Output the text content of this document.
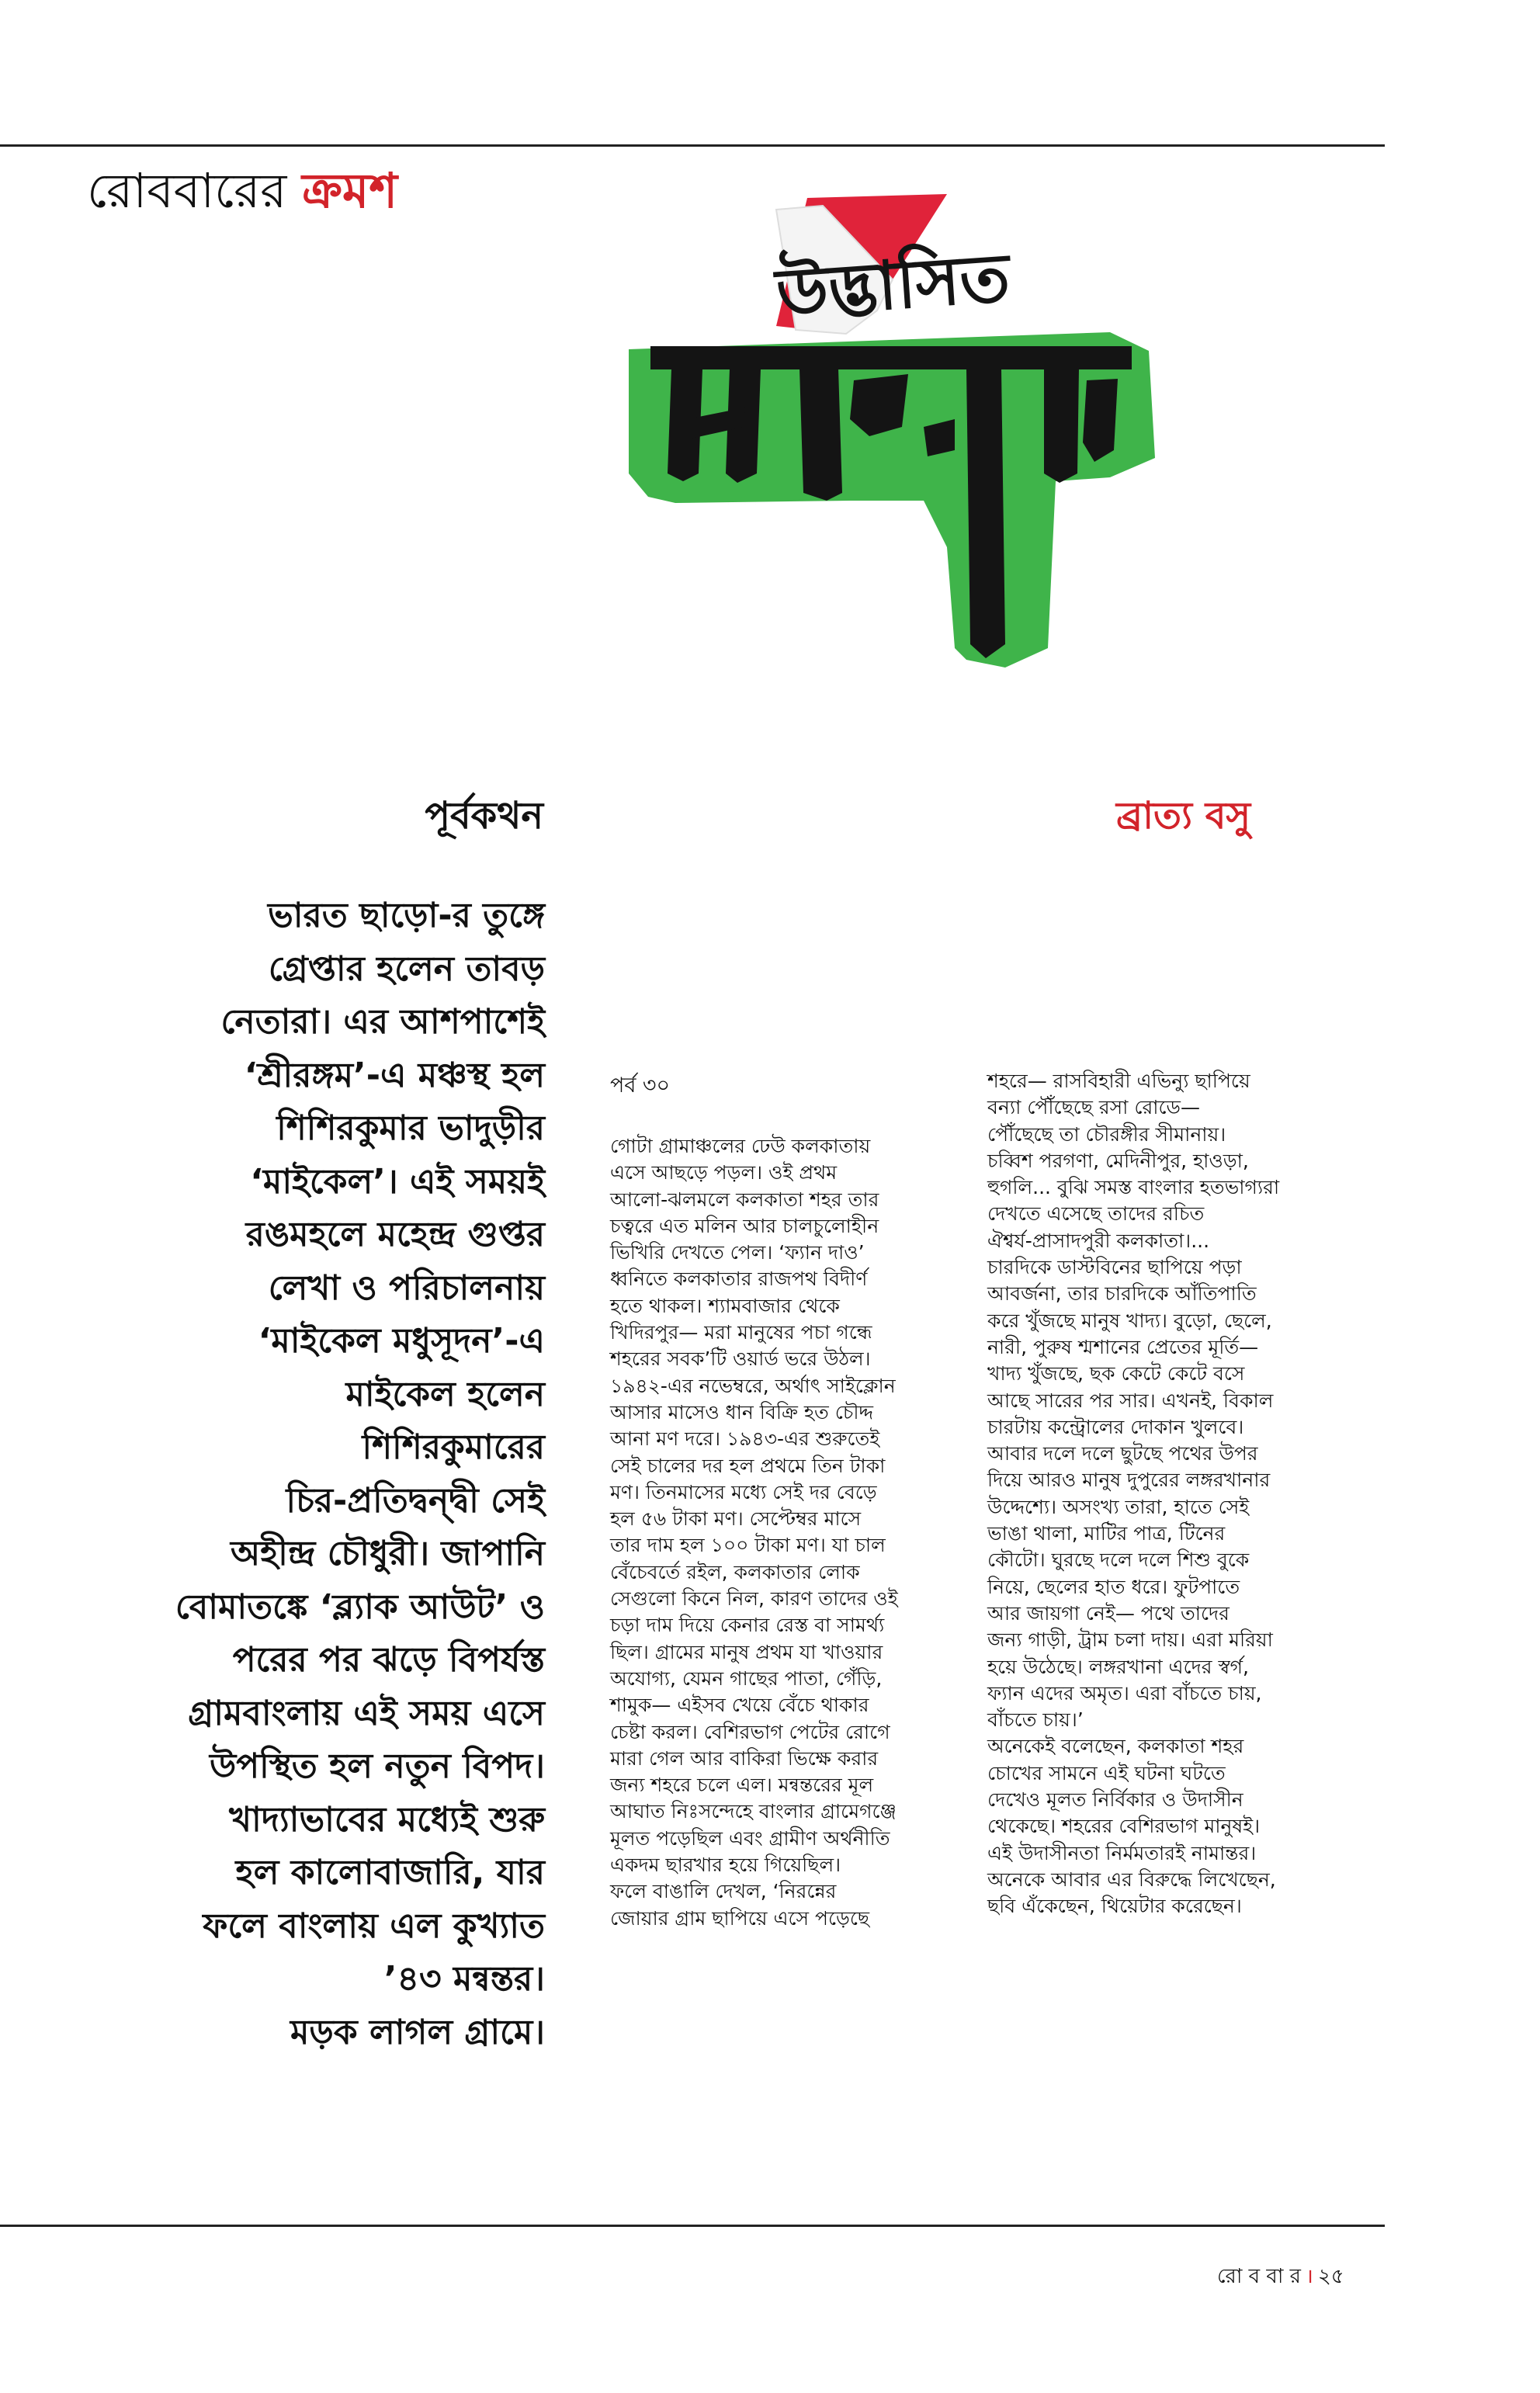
রোববারের ক্রমশ
উদ্ভাসিত
পূর্বকথন	ব্রাত্য বসু
ভারত ছাড়ো-র তুঙ্গে
গ্রেপ্তার হলেন তাবড়
নেতারা। এর আশপাশেই
‘শ্রীরঙ্গম’-এ মঞ্চস্থ হল
শিশিরকুমার ভাদুড়ীর
‘মাইকেল’। এই সময়ই
রঙমহলে মহেন্দ্র গুপ্তর
লেখা ও পরিচালনায়
‘মাইকেল মধুসূদন’-এ
মাইকেল হলেন
শিশিরকুমারের
চির-প্রতিদ্বন্দ্বী সেই
অহীন্দ্র চৌধুরী। জাপানি
বোমাতঙ্কে ‘ব্ল্যাক আউট’ ও
পরের পর ঝড়ে বিপর্যস্ত
গ্রামবাংলায় এই সময় এসে
উপস্থিত হল নতুন বিপদ।
খাদ্যাভাবের মধ্যেই শুরু
হল কালোবাজারি, যার
ফলে বাংলায় এল কুখ্যাত
’৪৩ মন্বন্তর।
মড়ক লাগল গ্রামে।
পর্ব ৩০
গোটা গ্রামাঞ্চলের ঢেউ কলকাতায়
এসে আছড়ে পড়ল। ওই প্রথম
আলো-ঝলমলে কলকাতা শহর তার
চত্বরে এত মলিন আর চালচুলোহীন
ভিখিরি দেখতে পেল। ‘ফ্যান দাও’
ধ্বনিতে কলকাতার রাজপথ বিদীর্ণ
হতে থাকল। শ্যামবাজার থেকে
খিদিরপুর— মরা মানুষের পচা গন্ধে
শহরের সবক’টি ওয়ার্ড ভরে উঠল।
১৯৪২-এর নভেম্বরে, অর্থাৎ সাইক্লোন
আসার মাসেও ধান বিক্রি হত চৌদ্দ
আনা মণ দরে। ১৯৪৩-এর শুরুতেই
সেই চালের দর হল প্রথমে তিন টাকা
মণ। তিনমাসের মধ্যে সেই দর বেড়ে
হল ৫৬ টাকা মণ। সেপ্টেম্বর মাসে
তার দাম হল ১০০ টাকা মণ। যা চাল
বেঁচেবর্তে রইল, কলকাতার লোক
সেগুলো কিনে নিল, কারণ তাদের ওই
চড়া দাম দিয়ে কেনার রেস্ত বা সামর্থ্য
ছিল। গ্রামের মানুষ প্রথম যা খাওয়ার
অযোগ্য, যেমন গাছের পাতা, গেঁড়ি,
শামুক— এইসব খেয়ে বেঁচে থাকার
চেষ্টা করল। বেশিরভাগ পেটের রোগে
মারা গেল আর বাকিরা ভিক্ষে করার
জন্য শহরে চলে এল। মন্বন্তরের মূল
আঘাত নিঃসন্দেহে বাংলার গ্রামেগঞ্জে
মূলত পড়েছিল এবং গ্রামীণ অর্থনীতি
একদম ছারখার হয়ে গিয়েছিল।
ফলে বাঙালি দেখল, ‘নিরন্নের
জোয়ার গ্রাম ছাপিয়ে এসে পড়েছে
শহরে— রাসবিহারী এভিন্যু ছাপিয়ে
বন্যা পৌঁছেছে রসা রোডে—
পৌঁছেছে তা চৌরঙ্গীর সীমানায়।
চব্বিশ পরগণা, মেদিনীপুর, হাওড়া,
হুগলি... বুঝি সমস্ত বাংলার হতভাগ্যরা
দেখতে এসেছে তাদের রচিত
ঐশ্বর্য-প্রাসাদপুরী কলকাতা।...
চারদিকে ডাস্টবিনের ছাপিয়ে পড়া
আবর্জনা, তার চারদিকে আঁতিপাতি
করে খুঁজছে মানুষ খাদ্য। বুড়ো, ছেলে,
নারী, পুরুষ শ্মশানের প্রেতের মূর্তি—
খাদ্য খুঁজছে, ছক কেটে কেটে বসে
আছে সারের পর সার। এখনই, বিকাল
চারটায় কন্ট্রোলের দোকান খুলবে।
আবার দলে দলে ছুটছে পথের উপর
দিয়ে আরও মানুষ দুপুরের লঙ্গরখানার
উদ্দেশ্যে। অসংখ্য তারা, হাতে সেই
ভাঙা থালা, মাটির পাত্র, টিনের
কৌটো। ঘুরছে দলে দলে শিশু বুকে
নিয়ে, ছেলের হাত ধরে। ফুটপাতে
আর জায়গা নেই— পথে তাদের
জন্য গাড়ী, ট্রাম চলা দায়। এরা মরিয়া
হয়ে উঠেছে। লঙ্গরখানা এদের স্বর্গ,
ফ্যান এদের অমৃত। এরা বাঁচতে চায়,
বাঁচতে চায়।’
অনেকেই বলেছেন, কলকাতা শহর
চোখের সামনে এই ঘটনা ঘটতে
দেখেও মূলত নির্বিকার ও উদাসীন
থেকেছে। শহরের বেশিরভাগ মানুষই।
এই উদাসীনতা নির্মমতারই নামান্তর।
অনেকে আবার এর বিরুদ্ধে লিখেছেন,
ছবি এঁকেছেন, থিয়েটার করেছেন।
রো ব বা র । ২৫
